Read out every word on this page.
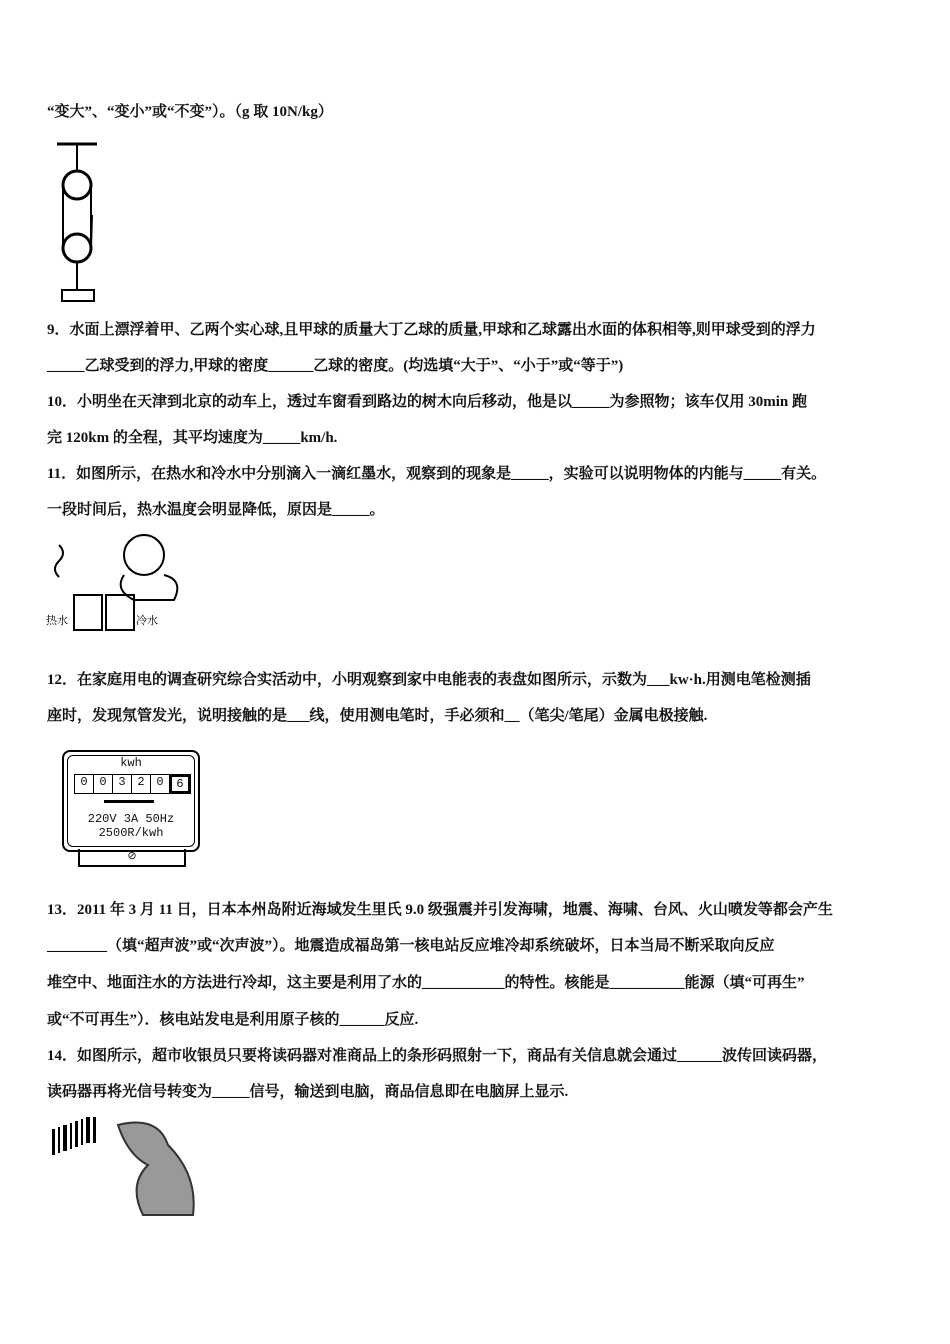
“变大”、“变小”或“不变”）。（g 取 10N/kg）
9．水面上漂浮着甲、乙两个实心球,且甲球的质量大丁乙球的质量,甲球和乙球露出水面的体积相等,则甲球受到的浮力
_____乙球受到的浮力,甲球的密度______乙球的密度。(均选填“大于”、“小于”或“等于”)
10．小明坐在天津到北京的动车上，透过车窗看到路边的树木向后移动，他是以_____为参照物；该车仅用 30min 跑
完 120km 的全程，其平均速度为_____km/h.
11．如图所示，在热水和冷水中分别滴入一滴红墨水，观察到的现象是_____，实验可以说明物体的内能与_____有关。
一段时间后，热水温度会明显降低，原因是_____。
热水	冷水
12．在家庭用电的调查研究综合实活动中，小明观察到家中电能表的表盘如图所示，示数为___kw·h.用测电笔检测插
座时，发现氖管发光，说明接触的是___线，使用测电笔时，手必须和__（笔尖/笔尾）金属电极接触.
kwh
0 0 3 2 0	6
220V 3A 50Hz
2500R/kwh
⊘
13．2011 年 3 月 11 日，日本本州岛附近海域发生里氏 9.0 级强震并引发海啸，地震、海啸、台风、火山喷发等都会产生
________（填“超声波”或“次声波”）。地震造成福岛第一核电站反应堆冷却系统破坏，日本当局不断采取向反应
堆空中、地面注水的方法进行冷却，这主要是利用了水的___________的特性。核能是__________能源（填“可再生”
或“不可再生”）．核电站发电是利用原子核的______反应.
14．如图所示，超市收银员只要将读码器对准商品上的条形码照射一下，商品有关信息就会通过______波传回读码器，
读码器再将光信号转变为_____信号，输送到电脑，商品信息即在电脑屏上显示.
